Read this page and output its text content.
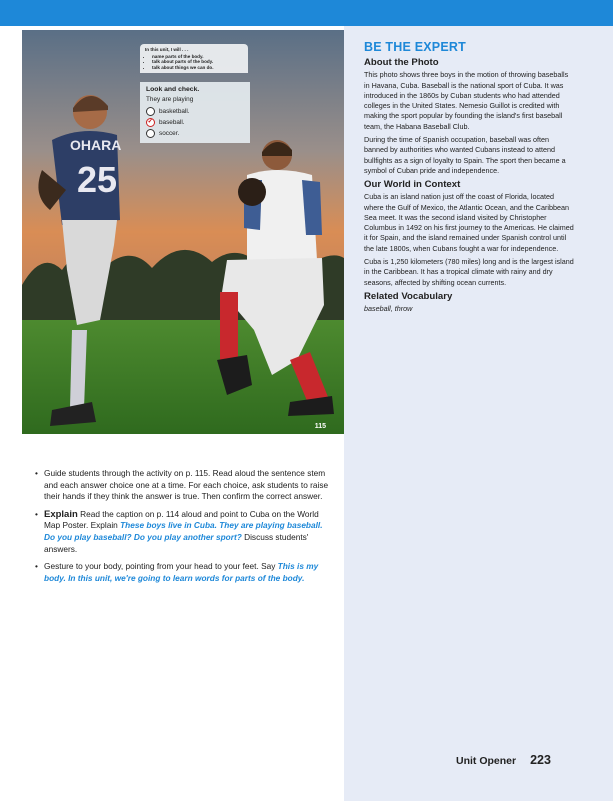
OHARA
25
115
In this unit, I will . . .
• name parts of the body.
• talk about parts of the body.
• talk about things we can do.
Look and check.
They are playing
basketball.
✓
baseball.
soccer.
BE THE EXPERT
About the Photo

This photo shows three boys in the motion of throwing baseballs in Havana, Cuba. Baseball is the national sport of Cuba. It was introduced in the 1860s by Cuban students who had attended colleges in the United States. Nemesio Guillot is credited with making the sport popular by founding the island's first baseball team, the Habana Baseball Club.

During the time of Spanish occupation, baseball was often banned by authorities who wanted Cubans instead to attend bullfights as a sign of loyalty to Spain. The sport then became a symbol of Cuban pride and independence.

Our World in Context

Cuba is an island nation just off the coast of Florida, located where the Gulf of Mexico, the Atlantic Ocean, and the Caribbean Sea meet. It was the second island visited by Christopher Columbus in 1492 on his first journey to the Americas. He claimed it for Spain, and the island remained under Spanish control until the late 1800s, when Cubans fought a war for independence.

Cuba is 1,250 kilometers (780 miles) long and is the largest island in the Caribbean. It has a tropical climate with rainy and dry seasons, affected by shifting ocean currents.

Related Vocabulary

baseball, throw

• Guide students through the activity on p. 115. Read aloud the sentence stem and each answer choice one at a time. For each choice, ask students to raise their hands if they think the answer is true. Then confirm the correct answer.
• Explain Read the caption on p. 114 aloud and point to Cuba on the World Map Poster. Explain These boys live in Cuba. They are playing baseball. Do you play baseball? Do you play another sport? Discuss students' answers.
• Gesture to your body, pointing from your head to your feet. Say This is my body. In this unit, we're going to learn words for parts of the body.
Unit Opener 223
